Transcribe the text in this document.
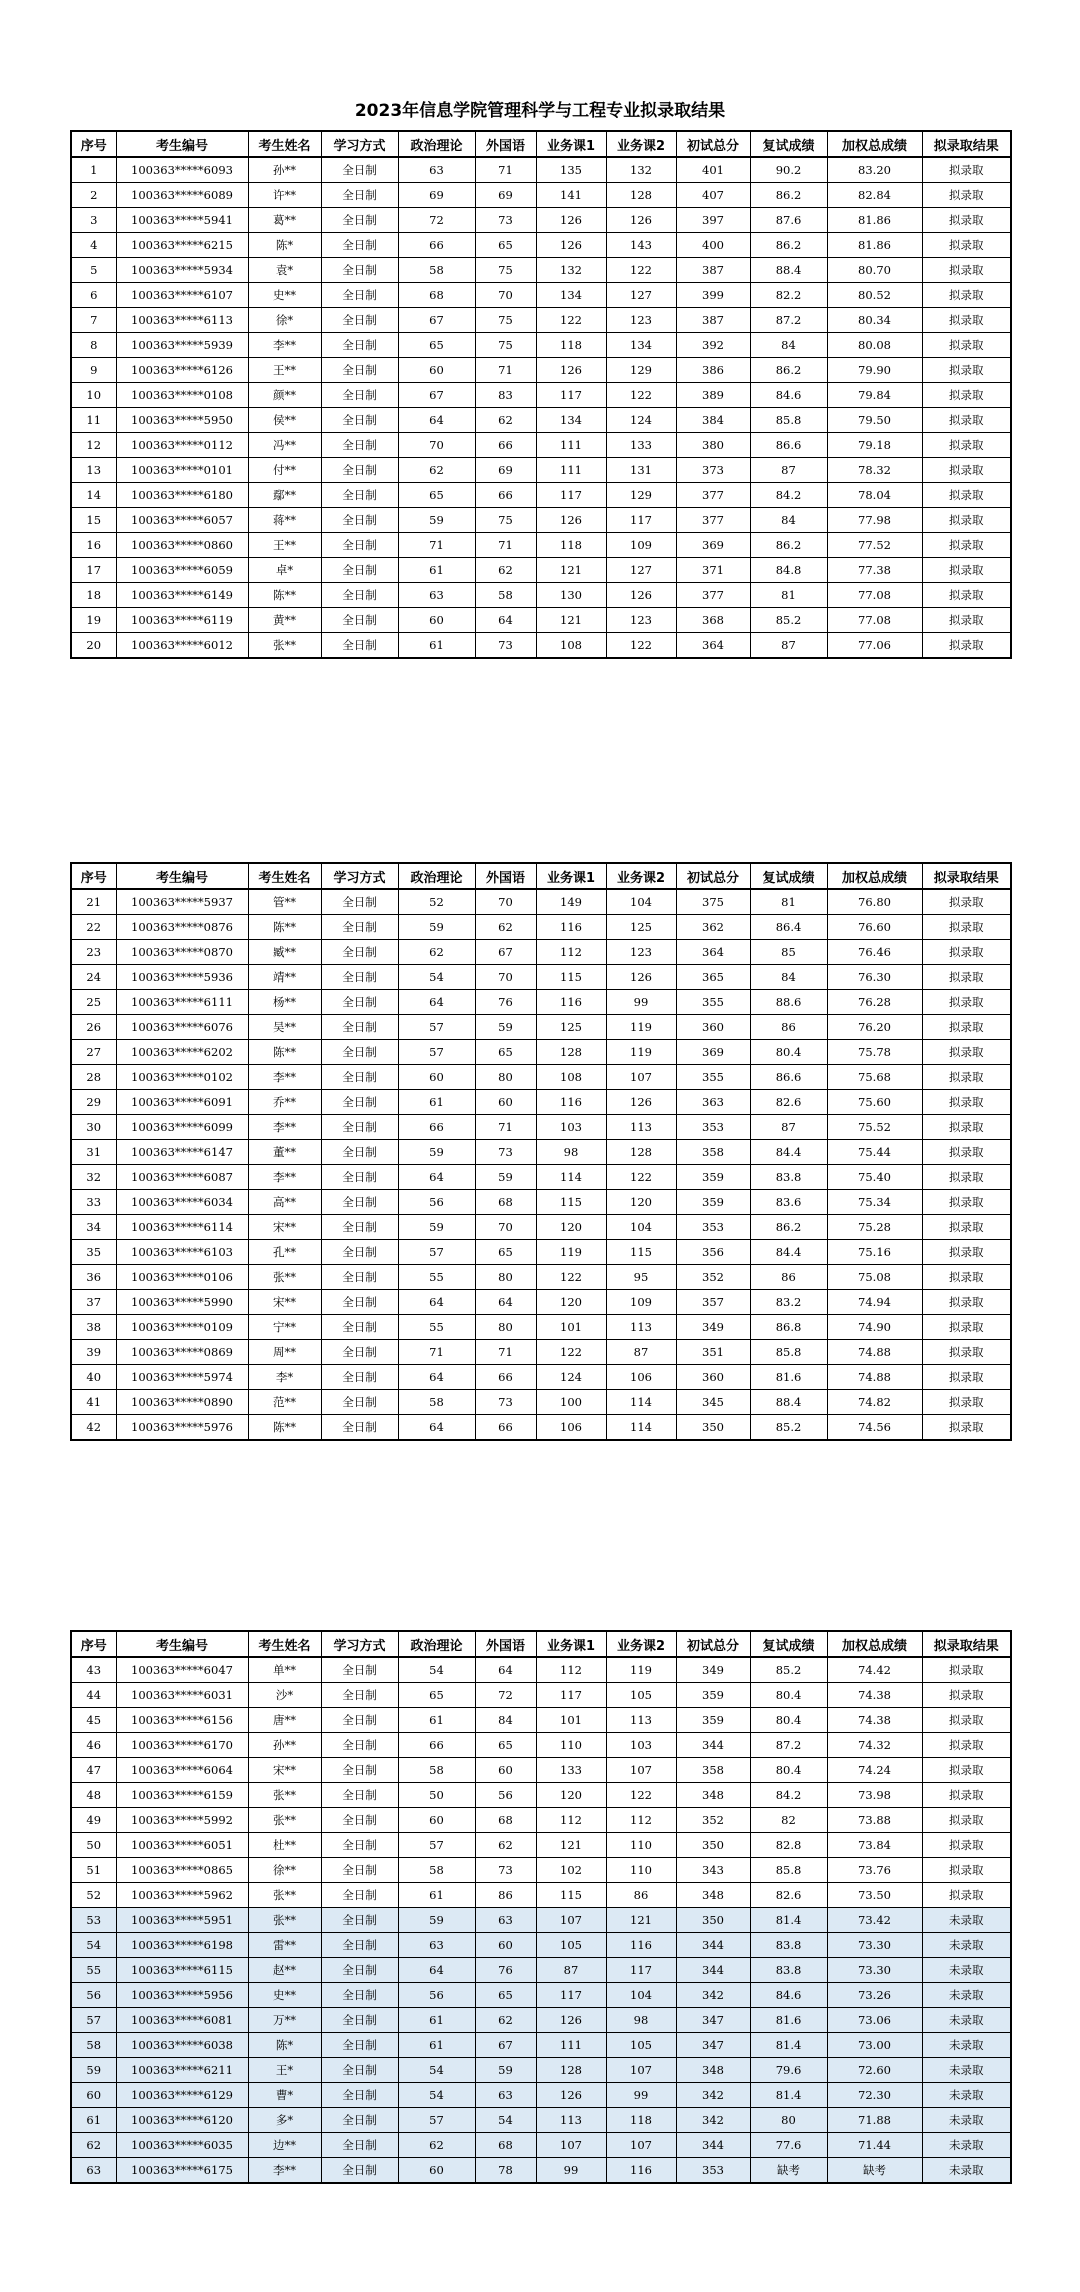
2023年信息学院管理科学与工程专业拟录取结果
序号	考生编号	考生姓名	学习方式	政治理论	外国语	业务课1	业务课2	初试总分	复试成绩	加权总成绩	拟录取结果
1	100363*****6093	孙**	全日制	63	71	135	132	401	90.2	83.20	拟录取
2	100363*****6089	许**	全日制	69	69	141	128	407	86.2	82.84	拟录取
3	100363*****5941	葛**	全日制	72	73	126	126	397	87.6	81.86	拟录取
4	100363*****6215	陈*	全日制	66	65	126	143	400	86.2	81.86	拟录取
5	100363*****5934	袁*	全日制	58	75	132	122	387	88.4	80.70	拟录取
6	100363*****6107	史**	全日制	68	70	134	127	399	82.2	80.52	拟录取
7	100363*****6113	徐*	全日制	67	75	122	123	387	87.2	80.34	拟录取
8	100363*****5939	李**	全日制	65	75	118	134	392	84	80.08	拟录取
9	100363*****6126	王**	全日制	60	71	126	129	386	86.2	79.90	拟录取
10	100363*****0108	颜**	全日制	67	83	117	122	389	84.6	79.84	拟录取
11	100363*****5950	侯**	全日制	64	62	134	124	384	85.8	79.50	拟录取
12	100363*****0112	冯**	全日制	70	66	111	133	380	86.6	79.18	拟录取
13	100363*****0101	付**	全日制	62	69	111	131	373	87	78.32	拟录取
14	100363*****6180	鄢**	全日制	65	66	117	129	377	84.2	78.04	拟录取
15	100363*****6057	蒋**	全日制	59	75	126	117	377	84	77.98	拟录取
16	100363*****0860	王**	全日制	71	71	118	109	369	86.2	77.52	拟录取
17	100363*****6059	卓*	全日制	61	62	121	127	371	84.8	77.38	拟录取
18	100363*****6149	陈**	全日制	63	58	130	126	377	81	77.08	拟录取
19	100363*****6119	黄**	全日制	60	64	121	123	368	85.2	77.08	拟录取
20	100363*****6012	张**	全日制	61	73	108	122	364	87	77.06	拟录取
序号	考生编号	考生姓名	学习方式	政治理论	外国语	业务课1	业务课2	初试总分	复试成绩	加权总成绩	拟录取结果
21	100363*****5937	管**	全日制	52	70	149	104	375	81	76.80	拟录取
22	100363*****0876	陈**	全日制	59	62	116	125	362	86.4	76.60	拟录取
23	100363*****0870	臧**	全日制	62	67	112	123	364	85	76.46	拟录取
24	100363*****5936	靖**	全日制	54	70	115	126	365	84	76.30	拟录取
25	100363*****6111	杨**	全日制	64	76	116	99	355	88.6	76.28	拟录取
26	100363*****6076	吴**	全日制	57	59	125	119	360	86	76.20	拟录取
27	100363*****6202	陈**	全日制	57	65	128	119	369	80.4	75.78	拟录取
28	100363*****0102	李**	全日制	60	80	108	107	355	86.6	75.68	拟录取
29	100363*****6091	乔**	全日制	61	60	116	126	363	82.6	75.60	拟录取
30	100363*****6099	李**	全日制	66	71	103	113	353	87	75.52	拟录取
31	100363*****6147	董**	全日制	59	73	98	128	358	84.4	75.44	拟录取
32	100363*****6087	李**	全日制	64	59	114	122	359	83.8	75.40	拟录取
33	100363*****6034	高**	全日制	56	68	115	120	359	83.6	75.34	拟录取
34	100363*****6114	宋**	全日制	59	70	120	104	353	86.2	75.28	拟录取
35	100363*****6103	孔**	全日制	57	65	119	115	356	84.4	75.16	拟录取
36	100363*****0106	张**	全日制	55	80	122	95	352	86	75.08	拟录取
37	100363*****5990	宋**	全日制	64	64	120	109	357	83.2	74.94	拟录取
38	100363*****0109	宁**	全日制	55	80	101	113	349	86.8	74.90	拟录取
39	100363*****0869	周**	全日制	71	71	122	87	351	85.8	74.88	拟录取
40	100363*****5974	李*	全日制	64	66	124	106	360	81.6	74.88	拟录取
41	100363*****0890	范**	全日制	58	73	100	114	345	88.4	74.82	拟录取
42	100363*****5976	陈**	全日制	64	66	106	114	350	85.2	74.56	拟录取
序号	考生编号	考生姓名	学习方式	政治理论	外国语	业务课1	业务课2	初试总分	复试成绩	加权总成绩	拟录取结果
43	100363*****6047	单**	全日制	54	64	112	119	349	85.2	74.42	拟录取
44	100363*****6031	沙*	全日制	65	72	117	105	359	80.4	74.38	拟录取
45	100363*****6156	唐**	全日制	61	84	101	113	359	80.4	74.38	拟录取
46	100363*****6170	孙**	全日制	66	65	110	103	344	87.2	74.32	拟录取
47	100363*****6064	宋**	全日制	58	60	133	107	358	80.4	74.24	拟录取
48	100363*****6159	张**	全日制	50	56	120	122	348	84.2	73.98	拟录取
49	100363*****5992	张**	全日制	60	68	112	112	352	82	73.88	拟录取
50	100363*****6051	杜**	全日制	57	62	121	110	350	82.8	73.84	拟录取
51	100363*****0865	徐**	全日制	58	73	102	110	343	85.8	73.76	拟录取
52	100363*****5962	张**	全日制	61	86	115	86	348	82.6	73.50	拟录取
53	100363*****5951	张**	全日制	59	63	107	121	350	81.4	73.42	未录取
54	100363*****6198	雷**	全日制	63	60	105	116	344	83.8	73.30	未录取
55	100363*****6115	赵**	全日制	64	76	87	117	344	83.8	73.30	未录取
56	100363*****5956	史**	全日制	56	65	117	104	342	84.6	73.26	未录取
57	100363*****6081	万**	全日制	61	62	126	98	347	81.6	73.06	未录取
58	100363*****6038	陈*	全日制	61	67	111	105	347	81.4	73.00	未录取
59	100363*****6211	王*	全日制	54	59	128	107	348	79.6	72.60	未录取
60	100363*****6129	曹*	全日制	54	63	126	99	342	81.4	72.30	未录取
61	100363*****6120	多*	全日制	57	54	113	118	342	80	71.88	未录取
62	100363*****6035	边**	全日制	62	68	107	107	344	77.6	71.44	未录取
63	100363*****6175	李**	全日制	60	78	99	116	353	缺考	缺考	未录取
